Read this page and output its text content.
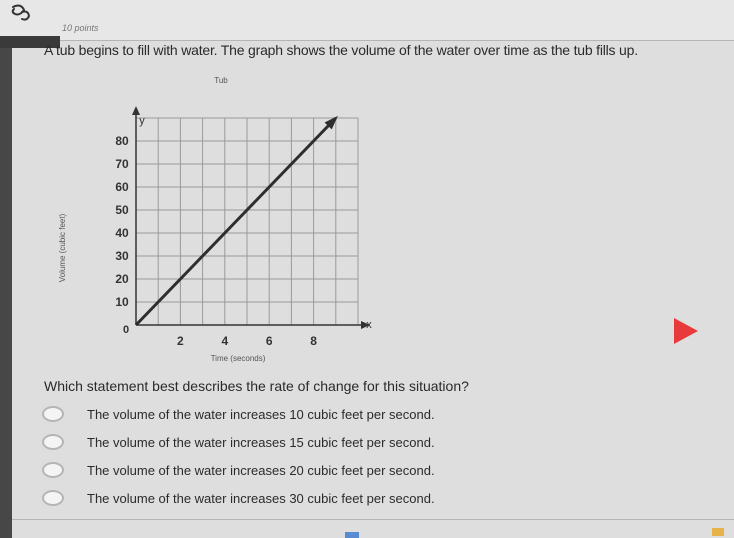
10 points
A tub begins to fill with water. The graph shows the volume of the water over time as the tub fills up.
Tub
10
20
30
40
50
60
70
80
2	4	6	8
Volume (cubic feet)
Time (seconds)
x
y
0
Which statement best describes the rate of change for this situation?
The volume of the water increases 10 cubic feet per second.
The volume of the water increases 15 cubic feet per second.
The volume of the water increases 20 cubic feet per second.
The volume of the water increases 30 cubic feet per second.
